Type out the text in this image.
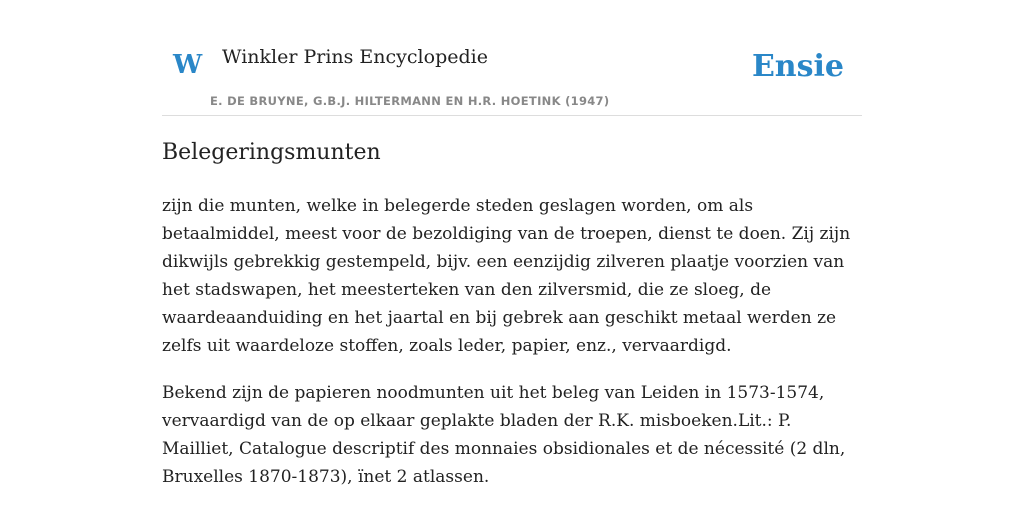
W Winkler Prins Encyclopedie
E. DE BRUYNE, G.B.J. HILTERMANN EN H.R. HOETINK (1947)
Ensie
Belegeringsmunten

zijn die munten, welke in belegerde steden geslagen worden, om als betaalmiddel, meest voor de bezoldiging van de troepen, dienst te doen. Zij zijn dikwijls gebrekkig gestempeld, bijv. een eenzijdig zilveren plaatje voorzien van het stadswapen, het meesterteken van den zilversmid, die ze sloeg, de waardeaanduiding en het jaartal en bij gebrek aan geschikt metaal werden ze zelfs uit waardeloze stoffen, zoals leder, papier, enz., vervaardigd.

Bekend zijn de papieren noodmunten uit het beleg van Leiden in 1573-1574, vervaardigd van de op elkaar geplakte bladen der R.K. misboeken.Lit.: P. Mailliet, Catalogue descriptif des monnaies obsidionales et de nécessité (2 dln, Bruxelles 1870-1873), ïnet 2 atlassen.
